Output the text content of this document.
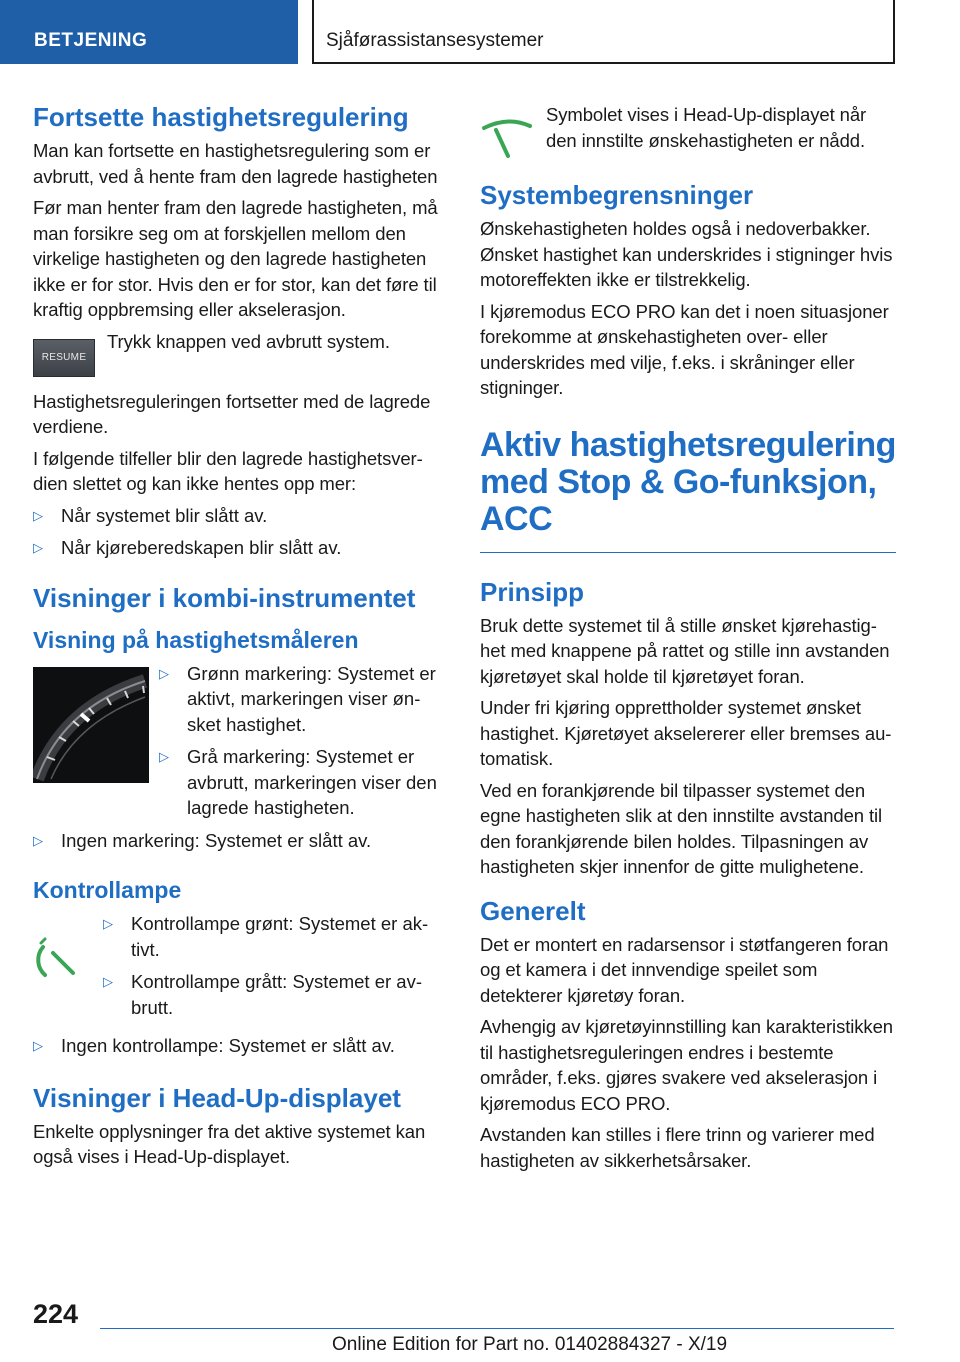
BETJENING	Sjåførassistansesystemer
Fortsette hastighetsregulering

Man kan fortsette en hastighetsregulering som er avbrutt, ved å hente fram den lagrede hastigheten

Før man henter fram den lagrede hastigheten, må man forsikre seg om at forskjellen mellom den virkelige hastigheten og den lagrede hastigheten ikke er for stor. Hvis den er for stor, kan det føre til kraftig oppbremsing eller akselerasjon.

RESUME

Trykk knappen ved avbrutt system.

Hastighetsreguleringen fortsetter med de lagrede verdiene.

I følgende tilfeller blir den lagrede hastighetsverdien slettet og kan ikke hentes opp mer:

▷ Når systemet blir slått av.
▷ Når kjøreberedskapen blir slått av.
Visninger i kombi-instrumentet
Visning på hastighetsmåleren
▷ Grønn markering: Systemet er aktivt, markeringen viser ønsket hastighet.
▷ Grå markering: Systemet er avbrutt, markeringen viser den lagrede hastigheten.
▷ Ingen markering: Systemet er slått av.
Kontrollampe
▷ Kontrollampe grønt: Systemet er aktivt.
▷ Kontrollampe grått: Systemet er avbrutt.
▷ Ingen kontrollampe: Systemet er slått av.
Visninger i Head-Up-displayet

Enkelte opplysninger fra det aktive systemet kan også vises i Head-Up-displayet.

Symbolet vises i Head-Up-displayet når den innstilte ønskehastigheten er nådd.

Systembegrensninger

Ønskehastigheten holdes også i nedoverbakker. Ønsket hastighet kan underskrides i stigninger hvis motoreffekten ikke er tilstrekkelig.

I kjøremodus ECO PRO kan det i noen situasjoner forekomme at ønskehastigheten over- eller underskrides med vilje, f.eks. i skråninger eller stigninger.

Aktiv hastighetsregulering med Stop & Go-funksjon, ACC
Prinsipp

Bruk dette systemet til å stille ønsket kjørehastighet med knappene på rattet og stille inn avstanden kjøretøyet skal holde til kjøretøyet foran.

Under fri kjøring opprettholder systemet ønsket hastighet. Kjøretøyet akselererer eller bremses automatisk.

Ved en forankjørende bil tilpasser systemet den egne hastigheten slik at den innstilte avstanden til den forankjørende bilen holdes. Tilpasningen av hastigheten skjer innenfor de gitte mulighetene.

Generelt

Det er montert en radarsensor i støtfangeren foran og et kamera i det innvendige speilet som detekterer kjøretøy foran.

Avhengig av kjøretøyinnstilling kan karakteristikken til hastighetsreguleringen endres i bestemte områder, f.eks. gjøres svakere ved akselerasjon i kjøremodus ECO PRO.

Avstanden kan stilles i flere trinn og varierer med hastigheten av sikkerhetsårsaker.

224
Online Edition for Part no. 01402884327 - X/19
